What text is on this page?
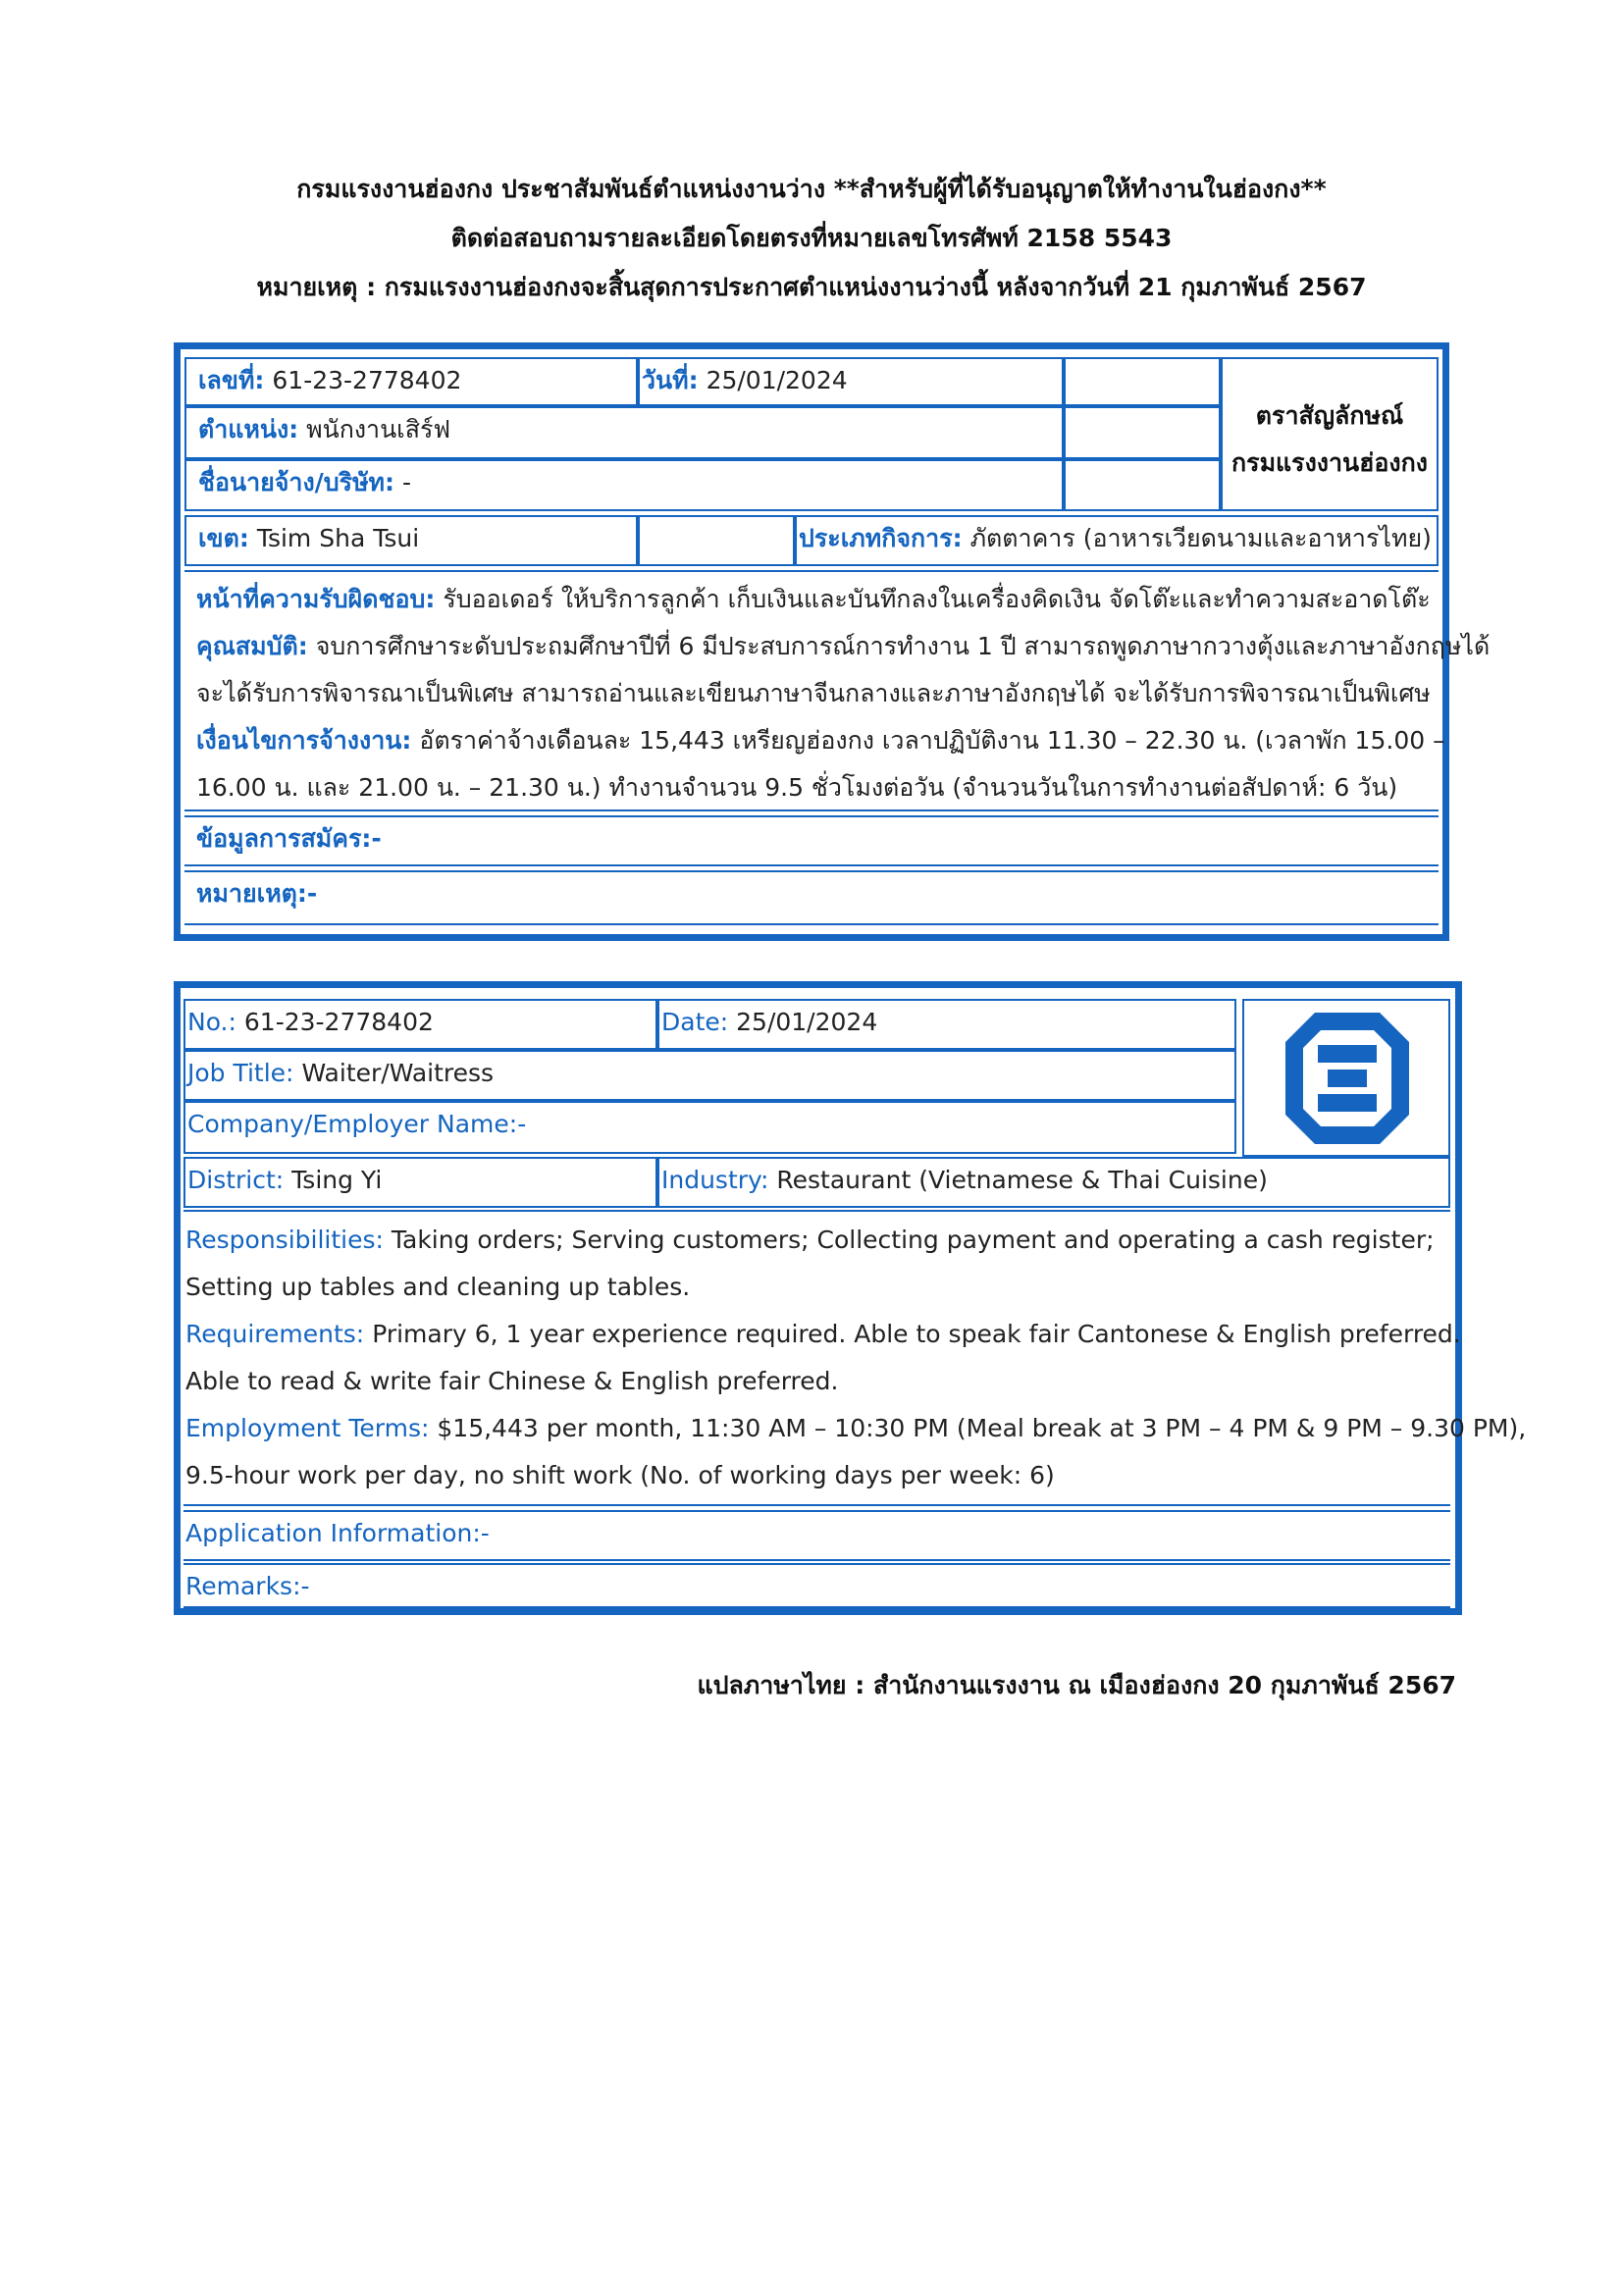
กรมแรงงานฮ่องกง ประชาสัมพันธ์ตำแหน่งงานว่าง **สำหรับผู้ที่ได้รับอนุญาตให้ทำงานในฮ่องกง**
ติดต่อสอบถามรายละเอียดโดยตรงที่หมายเลขโทรศัพท์ 2158 5543
หมายเหตุ : กรมแรงงานฮ่องกงจะสิ้นสุดการประกาศตำแหน่งงานว่างนี้ หลังจากวันที่ 21 กุมภาพันธ์ 2567
เลขที่: 61-23-2778402	วันที่: 25/01/2024
ตราสัญลักษณ์
กรมแรงงานฮ่องกง
ตำแหน่ง: พนักงานเสิร์ฟ
ชื่อนายจ้าง/บริษัท: -
เขต: Tsim Sha Tsui	ประเภทกิจการ: ภัตตาคาร (อาหารเวียดนามและอาหารไทย)
หน้าที่ความรับผิดชอบ: รับออเดอร์ ให้บริการลูกค้า เก็บเงินและบันทึกลงในเครื่องคิดเงิน จัดโต๊ะและทำความสะอาดโต๊ะ
คุณสมบัติ: จบการศึกษาระดับประถมศึกษาปีที่ 6 มีประสบการณ์การทำงาน 1 ปี สามารถพูดภาษากวางตุ้งและภาษาอังกฤษได้
จะได้รับการพิจารณาเป็นพิเศษ สามารถอ่านและเขียนภาษาจีนกลางและภาษาอังกฤษได้ จะได้รับการพิจารณาเป็นพิเศษ
เงื่อนไขการจ้างงาน: อัตราค่าจ้างเดือนละ 15,443 เหรียญฮ่องกง เวลาปฏิบัติงาน 11.30 – 22.30 น. (เวลาพัก 15.00 –
16.00 น. และ 21.00 น. – 21.30 น.) ทำงานจำนวน 9.5 ชั่วโมงต่อวัน (จำนวนวันในการทำงานต่อสัปดาห์: 6 วัน)
ข้อมูลการสมัคร:-
หมายเหตุ:-
No.: 61-23-2778402	Date: 25/01/2024
Job Title: Waiter/Waitress
Company/Employer Name:-
District: Tsing Yi	Industry: Restaurant (Vietnamese & Thai Cuisine)
Responsibilities: Taking orders; Serving customers; Collecting payment and operating a cash register;
Setting up tables and cleaning up tables.
Requirements: Primary 6, 1 year experience required. Able to speak fair Cantonese & English preferred.
Able to read & write fair Chinese & English preferred.
Employment Terms: $15,443 per month, 11:30 AM – 10:30 PM (Meal break at 3 PM – 4 PM & 9 PM – 9.30 PM),
9.5-hour work per day, no shift work (No. of working days per week: 6)
Application Information:-
Remarks:-
แปลภาษาไทย : สำนักงานแรงงาน ณ เมืองฮ่องกง 20 กุมภาพันธ์ 2567
